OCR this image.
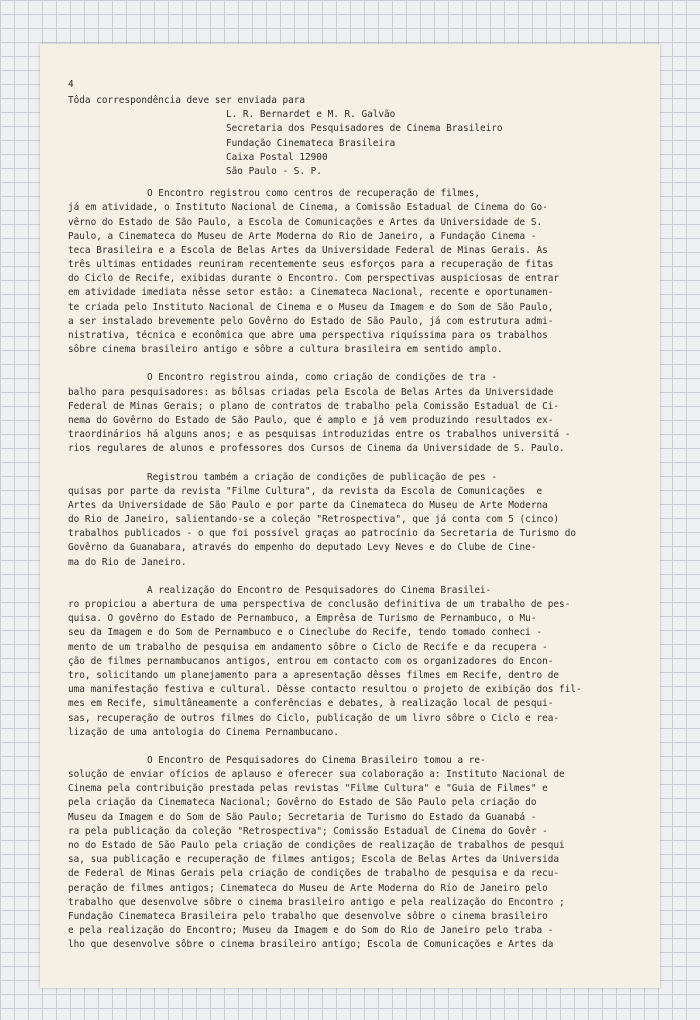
4
Tôda correspondência deve ser enviada para
L. R. Bernardet e M. R. Galvão
Secretaria dos Pesquisadores de Cinema Brasileiro
Fundação Cinemateca Brasileira
Caixa Postal 12900
São Paulo - S. P.
O Encontro registrou como centros de recuperação de filmes,
já em atividade, o Instituto Nacional de Cinema, a Comissão Estadual de Cinema do Go-
vêrno do Estado de São Paulo, a Escola de Comunicações e Artes da Universidade de S.
Paulo, a Cinemateca do Museu de Arte Moderna do Rio de Janeiro, a Fundação Cinema -
teca Brasileira e a Escola de Belas Artes da Universidade Federal de Minas Gerais. As
três ultimas entidades reuniram recentemente seus esforços para a recuperação de fitas
do Ciclo de Recife, exibidas durante o Encontro. Com perspectivas auspiciosas de entrar
em atividade imediata nêsse setor estão: a Cinemateca Nacional, recente e oportunamen-
te criada pelo Instituto Nacional de Cinema e o Museu da Imagem e do Som de São Paulo,
a ser instalado brevemente pelo Govêrno do Estado de São Paulo, já com estrutura admi-
nistrativa, técnica e econômica que abre uma perspectiva riquíssima para os trabalhos
sôbre cinema brasileiro antigo e sôbre a cultura brasileira em sentido amplo.
O Encontro registrou ainda, como criação de condições de tra -
balho para pesquisadores: as bôlsas criadas pela Escola de Belas Artes da Universidade
Federal de Minas Gerais; o plano de contratos de trabalho pela Comissão Estadual de Ci-
nema do Govêrno do Estado de São Paulo, que é amplo e já vem produzindo resultados ex-
traordinários há alguns anos; e as pesquisas introduzidas entre os trabalhos universitá -
rios regulares de alunos e professores dos Cursos de Cinema da Universidade de S. Paulo.
Registrou também a criação de condições de publicação de pes -
quisas por parte da revista "Filme Cultura", da revista da Escola de Comunicações  e
Artes da Universidade de São Paulo e por parte da Cinemateca do Museu de Arte Moderna
do Rio de Janeiro, salientando-se a coleção "Retrospectiva", que já conta com 5 (cinco)
trabalhos publicados - o que foi possível graças ao patrocínio da Secretaria de Turismo do
Govêrno da Guanabara, através do empenho do deputado Levy Neves e do Clube de Cine-
ma do Rio de Janeiro.
A realização do Encontro de Pesquisadores do Cinema Brasilei-
ro propiciou a abertura de uma perspectiva de conclusão definitiva de um trabalho de pes-
quisa. O govêrno do Estado de Pernambuco, a Emprêsa de Turismo de Pernambuco, o Mu-
seu da Imagem e do Som de Pernambuco e o Cineclube do Recife, tendo tomado conheci -
mento de um trabalho de pesquisa em andamento sôbre o Ciclo de Recife e da recupera -
ção de filmes pernambucanos antigos, entrou em contacto com os organizadores do Encon-
tro, solicitando um planejamento para a apresentação dêsses filmes em Recife, dentro de
uma manifestação festiva e cultural. Dêsse contacto resultou o projeto de exibição dos fil-
mes em Recife, simultâneamente a conferências e debates, à realização local de pesqui-
sas, recuperação de outros filmes do Ciclo, publicação de um livro sôbre o Ciclo e rea-
lização de uma antologia do Cinema Pernambucano.
O Encontro de Pesquisadores do Cinema Brasileiro tomou a re-
solução de enviar ofícios de aplauso e oferecer sua colaboração a: Instituto Nacional de
Cinema pela contribuição prestada pelas revistas "Filme Cultura" e "Guia de Filmes" e
pela criação da Cinemateca Nacional; Govêrno do Estado de São Paulo pela criação do
Museu da Imagem e do Som de São Paulo; Secretaria de Turismo do Estado da Guanabá -
ra pela publicação da coleção "Retrospectiva"; Comissão Estadual de Cinema do Govêr -
no do Estado de São Paulo pela criação de condições de realização de trabalhos de pesqui
sa, sua publicação e recuperação de filmes antigos; Escola de Belas Artes da Universida
de Federal de Minas Gerais pela criação de condições de trabalho de pesquisa e da recu-
peração de filmes antigos; Cinemateca do Museu de Arte Moderna do Rio de Janeiro pelo
trabalho que desenvolve sôbre o cinema brasileiro antigo e pela realização do Encontro ;
Fundação Cinemateca Brasileira pelo trabalho que desenvolve sôbre o cinema brasileiro
e pela realização do Encontro; Museu da Imagem e do Som do Rio de Janeiro pelo traba -
lho que desenvolve sôbre o cinema brasileiro antigo; Escola de Comunicações e Artes da
